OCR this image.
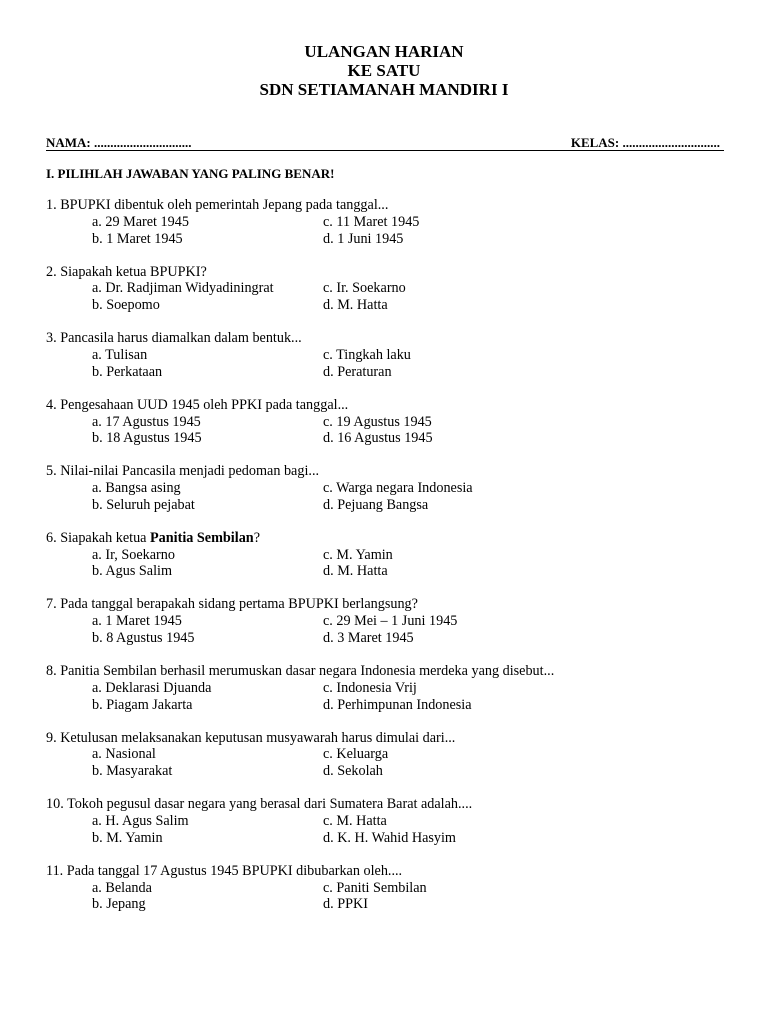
ULANGAN HARIAN
KE SATU
SDN SETIAMANAH MANDIRI I
NAMA: ..............................	KELAS: ..............................
I. PILIHLAH JAWABAN YANG PALING BENAR!
1. BPUPKI dibentuk oleh pemerintah Jepang pada tanggal...
a. 29 Maret 1945	c. 11 Maret 1945
b. 1 Maret 1945	d. 1 Juni 1945
2. Siapakah ketua BPUPKI?
a. Dr. Radjiman Widyadiningrat	c. Ir. Soekarno
b. Soepomo	d. M. Hatta
3. Pancasila harus diamalkan dalam bentuk...
a. Tulisan	c. Tingkah laku
b. Perkataan	d. Peraturan
4. Pengesahaan UUD 1945 oleh PPKI pada tanggal...
a. 17 Agustus 1945	c. 19 Agustus 1945
b. 18 Agustus 1945	d. 16 Agustus 1945
5. Nilai-nilai Pancasila menjadi pedoman bagi...
a. Bangsa asing	c. Warga negara Indonesia
b. Seluruh pejabat	d. Pejuang Bangsa
6. Siapakah ketua Panitia Sembilan?
a. Ir, Soekarno	c. M. Yamin
b. Agus Salim	d. M. Hatta
7. Pada tanggal berapakah sidang pertama BPUPKI berlangsung?
a. 1 Maret 1945	c. 29 Mei – 1 Juni 1945
b. 8 Agustus 1945	d. 3 Maret 1945
8. Panitia Sembilan berhasil merumuskan dasar negara Indonesia merdeka yang disebut...
a. Deklarasi Djuanda	c. Indonesia Vrij
b. Piagam Jakarta	d. Perhimpunan Indonesia
9. Ketulusan melaksanakan keputusan musyawarah harus dimulai dari...
a. Nasional	c. Keluarga
b. Masyarakat	d. Sekolah
10. Tokoh pegusul dasar negara yang berasal dari Sumatera Barat adalah....
a. H. Agus Salim	c. M. Hatta
b. M. Yamin	d. K. H. Wahid Hasyim
11. Pada tanggal 17 Agustus 1945 BPUPKI dibubarkan oleh....
a. Belanda	c. Paniti Sembilan
b. Jepang	d. PPKI
